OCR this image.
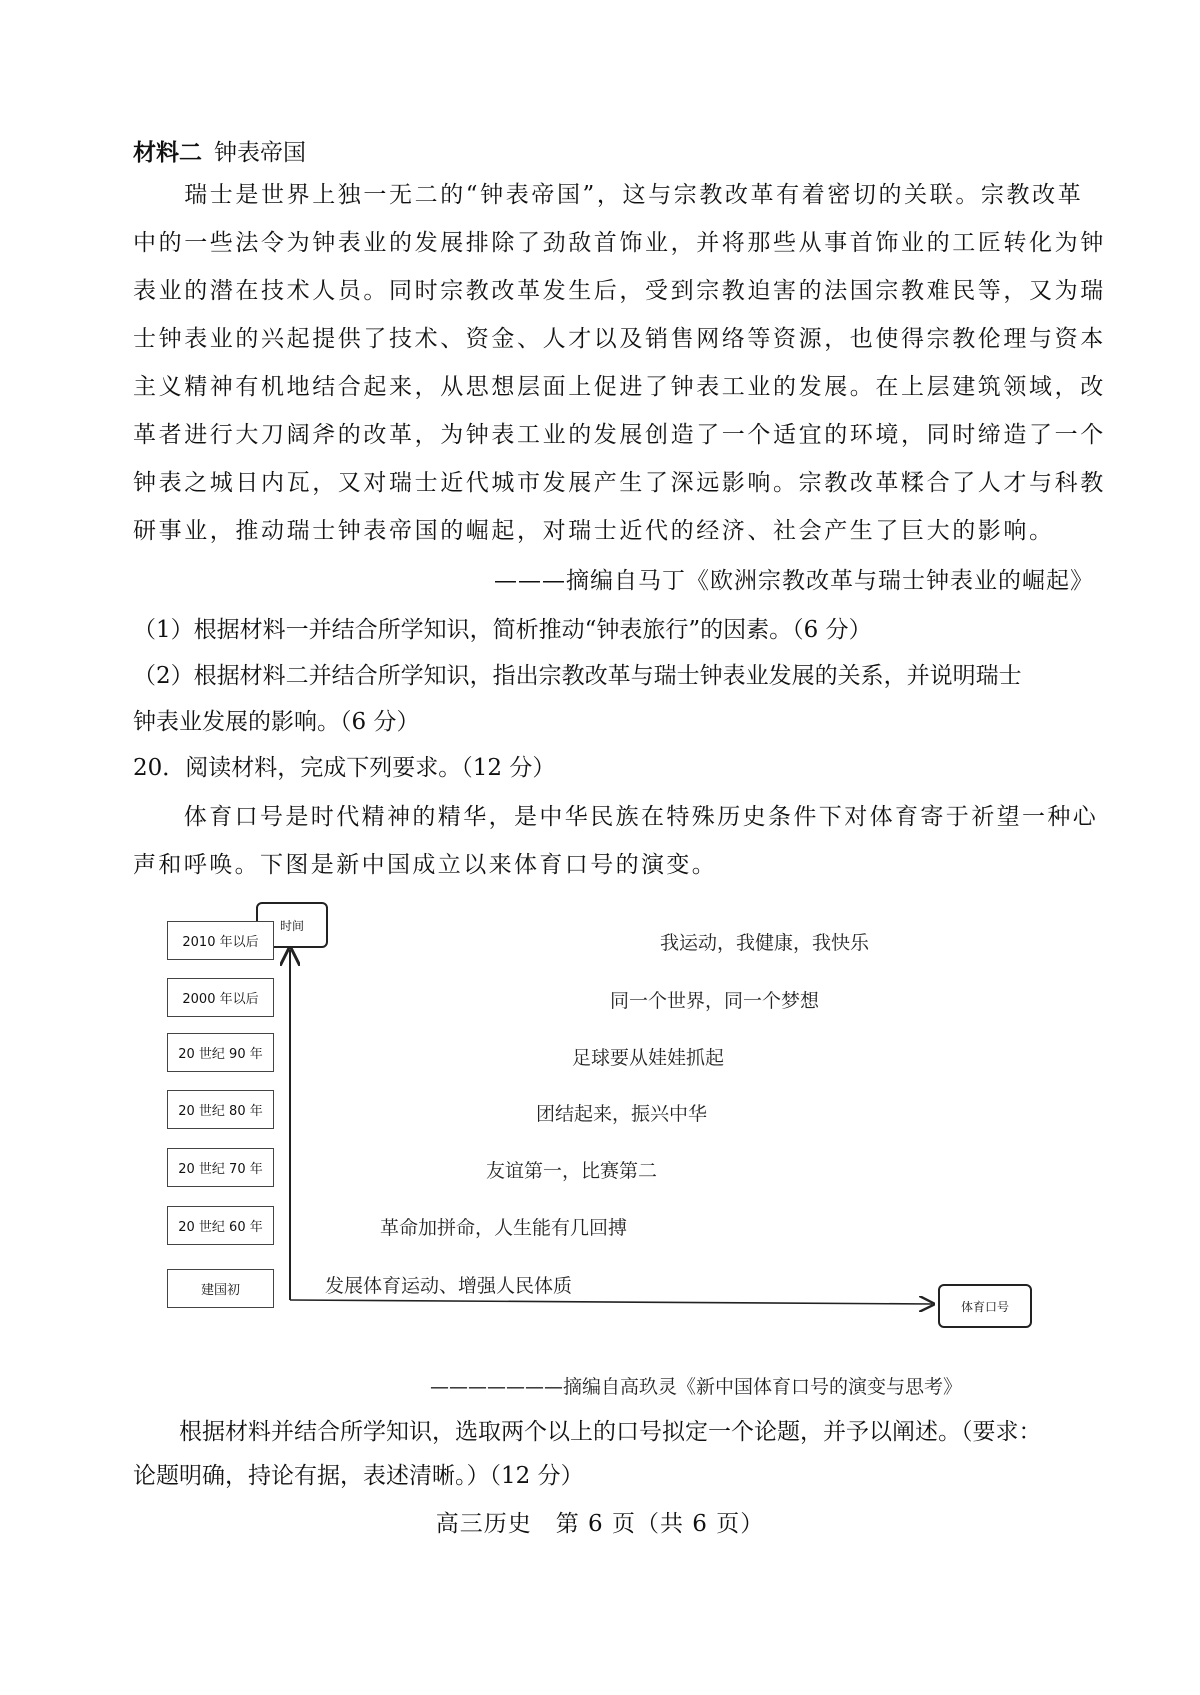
材料二 钟表帝国
　　瑞士是世界上独一无二的“钟表帝国”，这与宗教改革有着密切的关联。宗教改革
中的一些法令为钟表业的发展排除了劲敌首饰业，并将那些从事首饰业的工匠转化为钟
表业的潜在技术人员。同时宗教改革发生后，受到宗教迫害的法国宗教难民等，又为瑞
士钟表业的兴起提供了技术、资金、人才以及销售网络等资源，也使得宗教伦理与资本
主义精神有机地结合起来，从思想层面上促进了钟表工业的发展。在上层建筑领域，改
革者进行大刀阔斧的改革，为钟表工业的发展创造了一个适宜的环境，同时缔造了一个
钟表之城日内瓦，又对瑞士近代城市发展产生了深远影响。宗教改革糅合了人才与科教
研事业，推动瑞士钟表帝国的崛起，对瑞士近代的经济、社会产生了巨大的影响。
———摘编自马丁《欧洲宗教改革与瑞士钟表业的崛起》
（1）根据材料一并结合所学知识，简析推动“钟表旅行”的因素。（6 分）
（2）根据材料二并结合所学知识，指出宗教改革与瑞士钟表业发展的关系，并说明瑞士
钟表业发展的影响。（6 分）
20．阅读材料，完成下列要求。（12 分）
　　体育口号是时代精神的精华，是中华民族在特殊历史条件下对体育寄于祈望一种心
声和呼唤。下图是新中国成立以来体育口号的演变。
时间
2010 年以后
2000 年以后
20 世纪 90 年
20 世纪 80 年
20 世纪 70 年
20 世纪 60 年
建国初
我运动，我健康，我快乐
同一个世界，同一个梦想
足球要从娃娃抓起
团结起来，振兴中华
友谊第一，比赛第二
革命加拼命，人生能有几回搏
发展体育运动、增强人民体质
体育口号
———————摘编自高玖灵《新中国体育口号的演变与思考》
　　根据材料并结合所学知识，选取两个以上的口号拟定一个论题，并予以阐述。（要求：
论题明确，持论有据，表述清晰。）（12 分）
高三历史　第 6 页（共 6 页）
